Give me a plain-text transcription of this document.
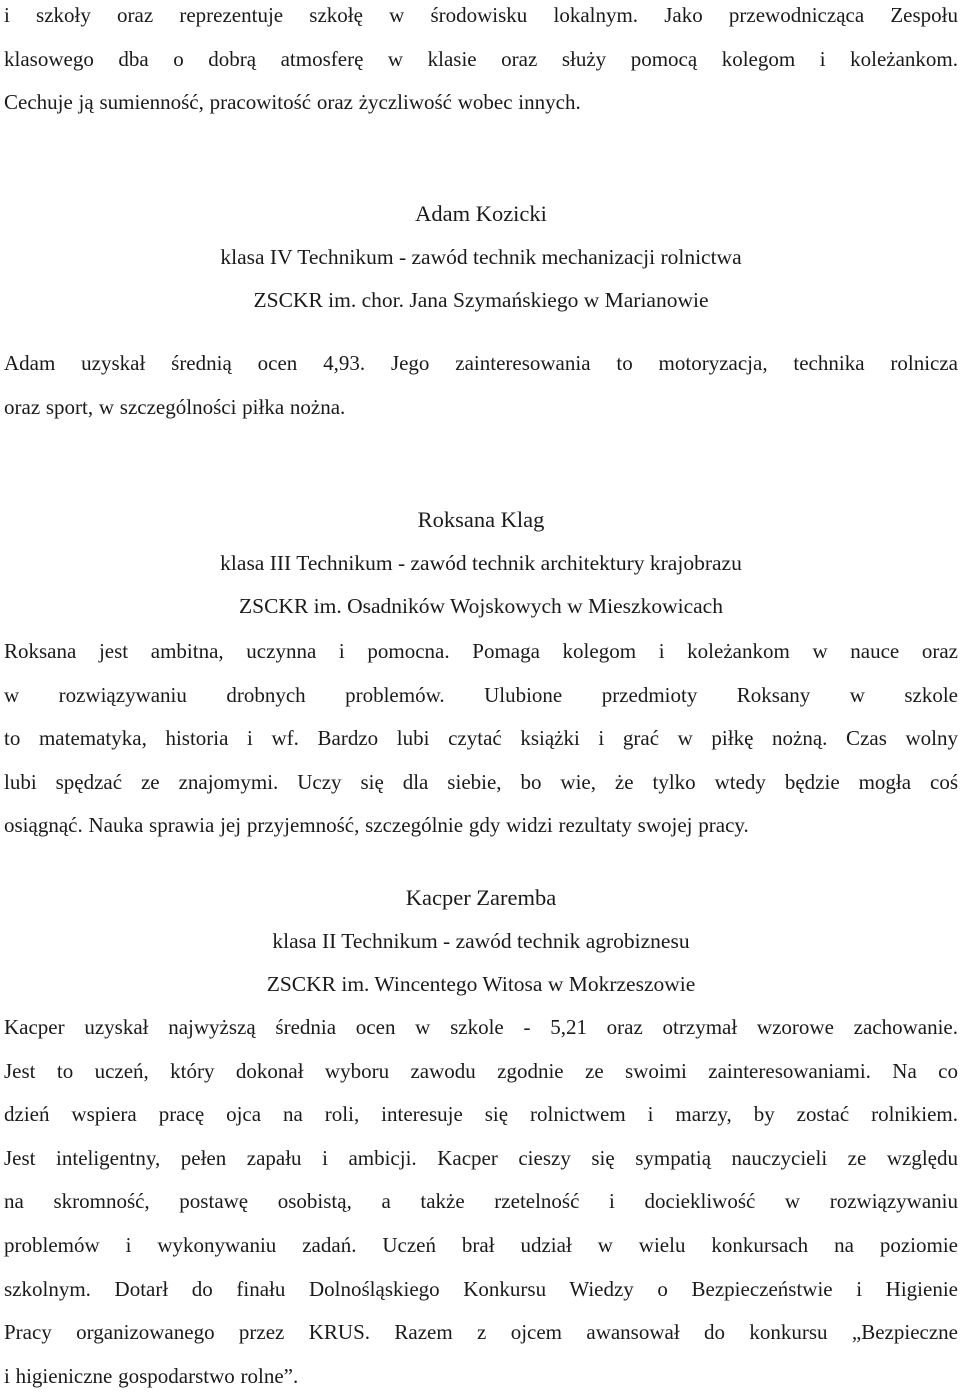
i szkoły oraz reprezentuje szkołę w środowisku lokalnym. Jako przewodnicząca Zespołu

klasowego dba o dobrą atmosferę w klasie oraz służy pomocą kolegom i koleżankom.

Cechuje ją sumienność, pracowitość oraz życzliwość wobec innych.

Adam Kozicki

klasa IV Technikum - zawód technik mechanizacji rolnictwa

ZSCKR im. chor. Jana Szymańskiego w Marianowie

Adam uzyskał średnią ocen 4,93. Jego zainteresowania to motoryzacja, technika rolnicza

oraz sport, w szczególności piłka nożna.

Roksana Klag

klasa III Technikum - zawód technik architektury krajobrazu

ZSCKR im. Osadników Wojskowych w Mieszkowicach

Roksana jest ambitna, uczynna i pomocna. Pomaga kolegom i koleżankom w nauce oraz

w rozwiązywaniu drobnych problemów. Ulubione przedmioty Roksany w szkole

to matematyka, historia i wf. Bardzo lubi czytać książki i grać w piłkę nożną. Czas wolny

lubi spędzać ze znajomymi. Uczy się dla siebie, bo wie, że tylko wtedy będzie mogła coś

osiągnąć. Nauka sprawia jej przyjemność, szczególnie gdy widzi rezultaty swojej pracy.

Kacper Zaremba

klasa II Technikum - zawód technik agrobiznesu

ZSCKR im. Wincentego Witosa w Mokrzeszowie

Kacper uzyskał najwyższą średnia ocen w szkole - 5,21 oraz otrzymał wzorowe zachowanie.

Jest to uczeń, który dokonał wyboru zawodu zgodnie ze swoimi zainteresowaniami. Na co

dzień wspiera pracę ojca na roli, interesuje się rolnictwem i marzy, by zostać rolnikiem.

Jest inteligentny, pełen zapału i ambicji. Kacper cieszy się sympatią nauczycieli ze względu

na skromność, postawę osobistą, a także rzetelność i dociekliwość w rozwiązywaniu

problemów i wykonywaniu zadań. Uczeń brał udział w wielu konkursach na poziomie

szkolnym. Dotarł do finału Dolnośląskiego Konkursu Wiedzy o Bezpieczeństwie i Higienie

Pracy organizowanego przez KRUS. Razem z ojcem awansował do konkursu „Bezpieczne

i higieniczne gospodarstwo rolne”.
